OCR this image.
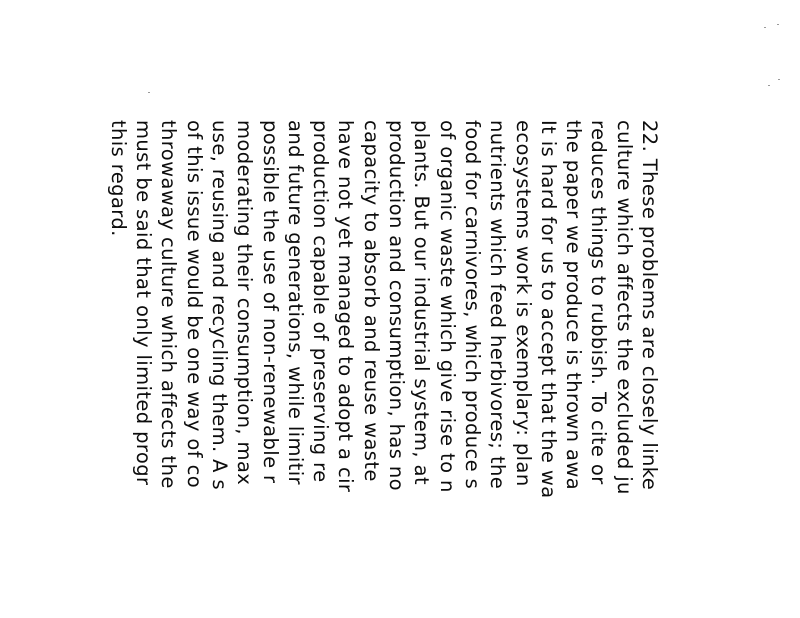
22. These problems are closely linke
culture which affects the excluded ju
reduces things to rubbish. To cite or
the paper we produce is thrown awa
It is hard for us to accept that the wa
ecosystems work is exemplary: plan
nutrients which feed herbivores; the
food for carnivores, which produce s
of organic waste which give rise to n
plants. But our industrial system, at
production and consumption, has no
capacity to absorb and reuse waste
have not yet managed to adopt a cir
production capable of preserving re
and future generations, while limitir
possible the use of non-renewable r
moderating their consumption, max
use, reusing and recycling them. A s
of this issue would be one way of co
throwaway culture which affects the
must be said that only limited progr
this regard.
